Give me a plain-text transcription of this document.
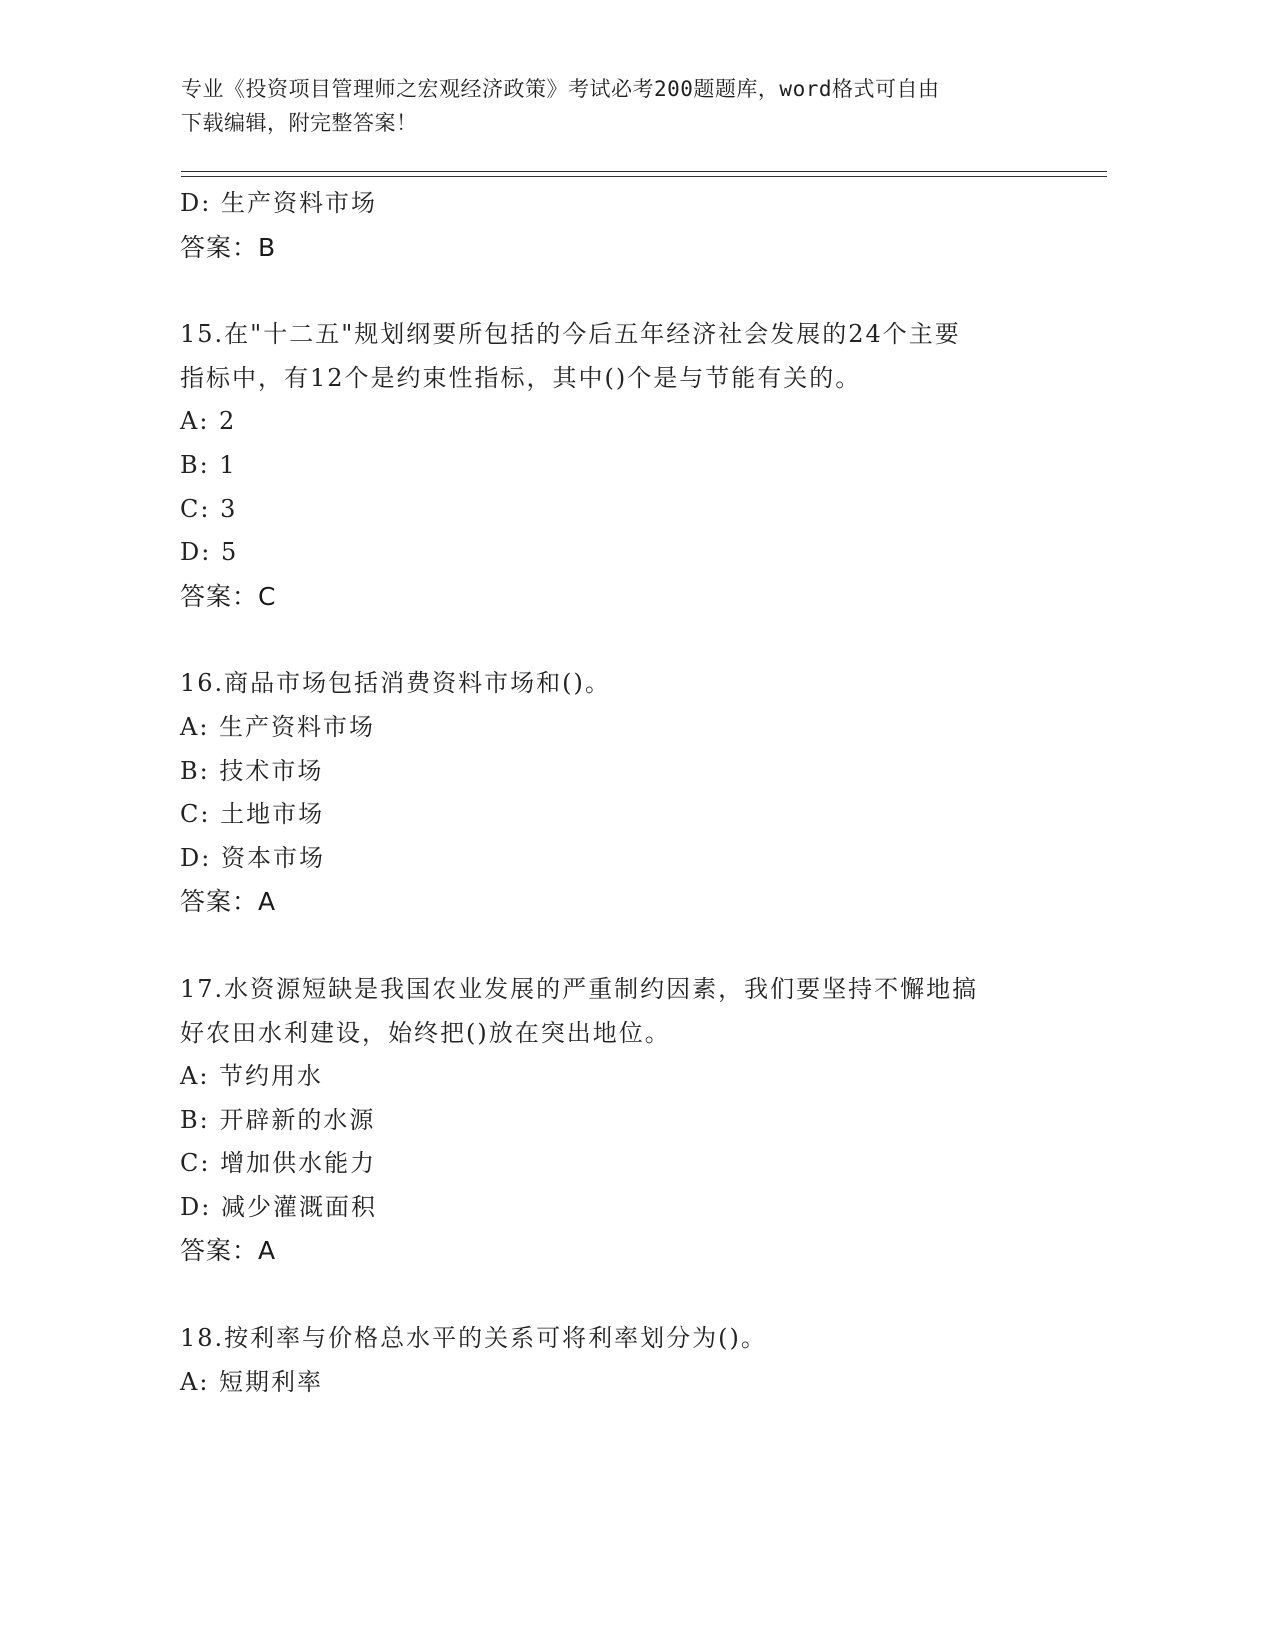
专业《投资项目管理师之宏观经济政策》考试必考200题题库，word格式可自由
下载编辑，附完整答案！
D: 生产资料市场
答案：B
15.在"十二五"规划纲要所包括的今后五年经济社会发展的24个主要
指标中，有12个是约束性指标，其中()个是与节能有关的。
A: 2
B: 1
C: 3
D: 5
答案：C
16.商品市场包括消费资料市场和()。
A: 生产资料市场
B: 技术市场
C: 土地市场
D: 资本市场
答案：A
17.水资源短缺是我国农业发展的严重制约因素，我们要坚持不懈地搞
好农田水利建设，始终把()放在突出地位。
A: 节约用水
B: 开辟新的水源
C: 增加供水能力
D: 减少灌溉面积
答案：A
18.按利率与价格总水平的关系可将利率划分为()。
A: 短期利率
